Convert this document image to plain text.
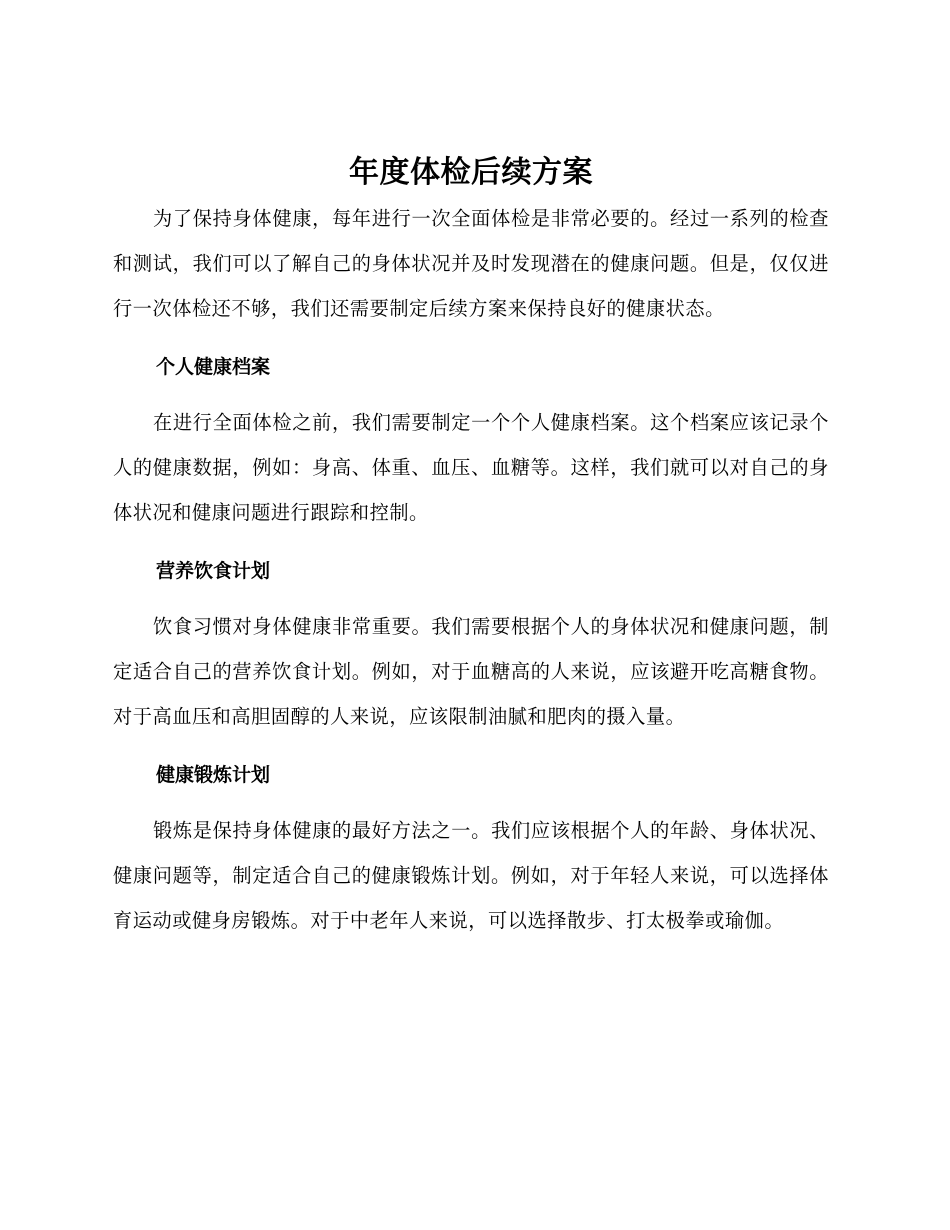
年度体检后续方案

为了保持身体健康，每年进行一次全面体检是非常必要的。经过一系列的检查和测试，我们可以了解自己的身体状况并及时发现潜在的健康问题。但是，仅仅进行一次体检还不够，我们还需要制定后续方案来保持良好的健康状态。

个人健康档案

在进行全面体检之前，我们需要制定一个个人健康档案。这个档案应该记录个人的健康数据，例如：身高、体重、血压、血糖等。这样，我们就可以对自己的身体状况和健康问题进行跟踪和控制。

营养饮食计划

饮食习惯对身体健康非常重要。我们需要根据个人的身体状况和健康问题，制定适合自己的营养饮食计划。例如，对于血糖高的人来说，应该避开吃高糖食物。对于高血压和高胆固醇的人来说，应该限制油腻和肥肉的摄入量。

健康锻炼计划

锻炼是保持身体健康的最好方法之一。我们应该根据个人的年龄、身体状况、健康问题等，制定适合自己的健康锻炼计划。例如，对于年轻人来说，可以选择体育运动或健身房锻炼。对于中老年人来说，可以选择散步、打太极拳或瑜伽。
